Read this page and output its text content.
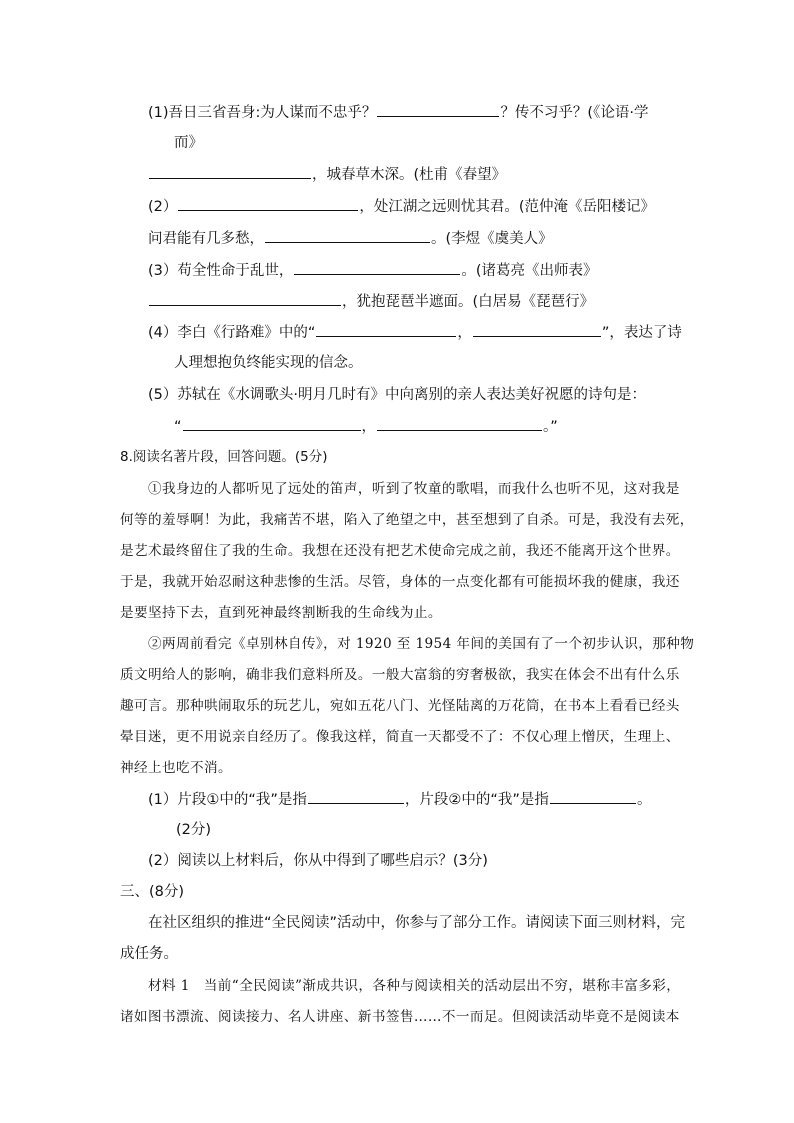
(1)吾日三省吾身:为人谋而不忠乎？	？传不习乎？(《论语·学
而》
，城春草木深。(杜甫《春望》
(2）	，处江湖之远则忧其君。(范仲淹《岳阳楼记》
问君能有几多愁，	。(李煜《虞美人》
(3）苟全性命于乱世，	。(诸葛亮《出师表》
，犹抱琵琶半遮面。(白居易《琵琶行》
(4）李白《行路难》中的“	，	”，表达了诗
人理想抱负终能实现的信念。
(5）苏轼在《水调歌头·明月几时有》中向离别的亲人表达美好祝愿的诗句是：
“	，	。”
8.阅读名著片段，回答问题。(5分)
①我身边的人都听见了远处的笛声，听到了牧童的歌唱，而我什么也听不见，这对我是
何等的羞辱啊！为此，我痛苦不堪，陷入了绝望之中，甚至想到了自杀。可是，我没有去死，
是艺术最终留住了我的生命。我想在还没有把艺术使命完成之前，我还不能离开这个世界。
于是，我就开始忍耐这种悲惨的生活。尽管，身体的一点变化都有可能损坏我的健康，我还
是要坚持下去，直到死神最终割断我的生命线为止。
②两周前看完《卓别林自传》，对 1920 至 1954 年间的美国有了一个初步认识，那种物
质文明给人的影响，确非我们意料所及。一般大富翁的穷奢极欲，我实在体会不出有什么乐
趣可言。那种哄闹取乐的玩艺儿，宛如五花八门、光怪陆离的万花筒，在书本上看看已经头
晕目迷，更不用说亲自经历了。像我这样，简直一天都受不了：不仅心理上憎厌，生理上、
神经上也吃不消。
(1）片段①中的“我”是指	，片段②中的“我”是指	。
(2分)
(2）阅读以上材料后，你从中得到了哪些启示？(3分)
三、(8分)
在社区组织的推进“全民阅读”活动中，你参与了部分工作。请阅读下面三则材料，完
成任务。
材料 1　当前“全民阅读”渐成共识，各种与阅读相关的活动层出不穷，堪称丰富多彩，
诸如图书漂流、阅读接力、名人讲座、新书签售……不一而足。但阅读活动毕竟不是阅读本
